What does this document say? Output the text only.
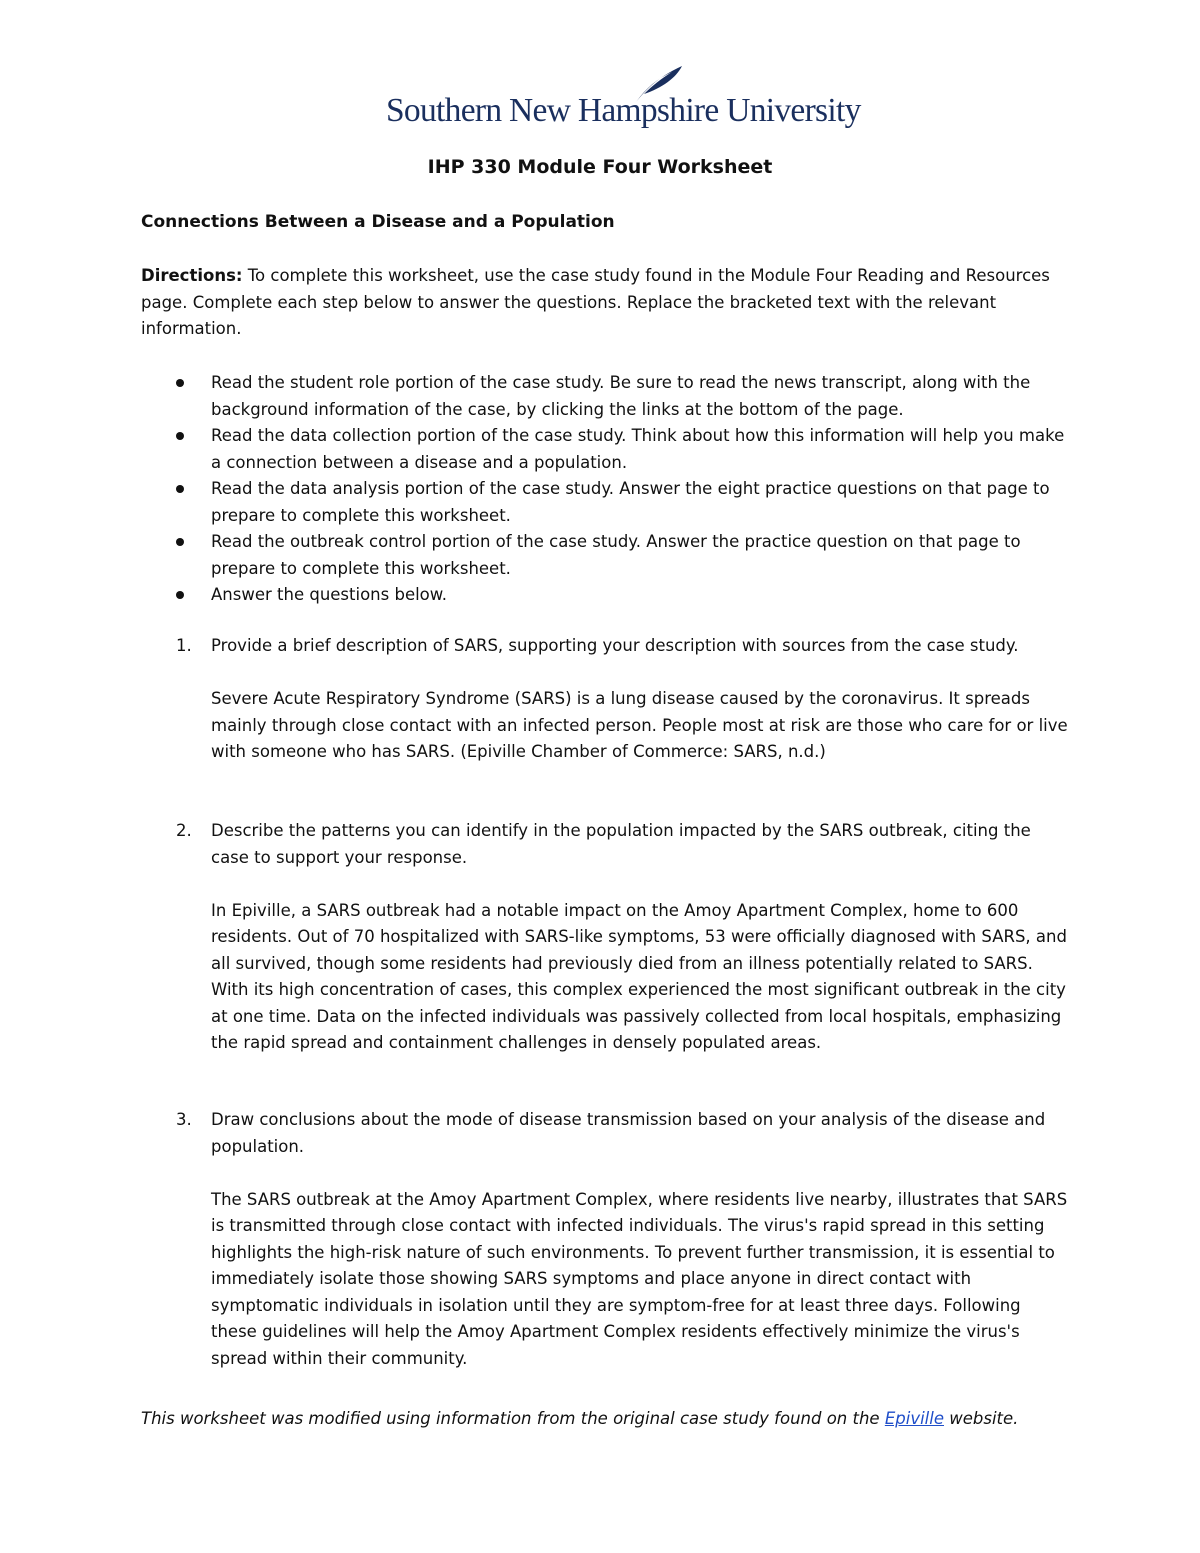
Southern New Hampshire University
IHP 330 Module Four Worksheet
Connections Between a Disease and a Population

Directions: To complete this worksheet, use the case study found in the Module Four Reading and Resources page. Complete each step below to answer the questions. Replace the bracketed text with the relevant information.

Read the student role portion of the case study. Be sure to read the news transcript, along with the background information of the case, by clicking the links at the bottom of the page.
Read the data collection portion of the case study. Think about how this information will help you make a connection between a disease and a population.
Read the data analysis portion of the case study. Answer the eight practice questions on that page to prepare to complete this worksheet.
Read the outbreak control portion of the case study. Answer the practice question on that page to prepare to complete this worksheet.
Answer the questions below.
1. Provide a brief description of SARS, supporting your description with sources from the case study.
Severe Acute Respiratory Syndrome (SARS) is a lung disease caused by the coronavirus. It spreads mainly through close contact with an infected person. People most at risk are those who care for or live with someone who has SARS. (Epiville Chamber of Commerce: SARS, n.d.)
2. Describe the patterns you can identify in the population impacted by the SARS outbreak, citing the case to support your response.
In Epiville, a SARS outbreak had a notable impact on the Amoy Apartment Complex, home to 600 residents. Out of 70 hospitalized with SARS-like symptoms, 53 were officially diagnosed with SARS, and all survived, though some residents had previously died from an illness potentially related to SARS. With its high concentration of cases, this complex experienced the most significant outbreak in the city at one time. Data on the infected individuals was passively collected from local hospitals, emphasizing the rapid spread and containment challenges in densely populated areas.
3. Draw conclusions about the mode of disease transmission based on your analysis of the disease and population.
The SARS outbreak at the Amoy Apartment Complex, where residents live nearby, illustrates that SARS is transmitted through close contact with infected individuals. The virus's rapid spread in this setting highlights the high-risk nature of such environments. To prevent further transmission, it is essential to immediately isolate those showing SARS symptoms and place anyone in direct contact with symptomatic individuals in isolation until they are symptom-free for at least three days. Following these guidelines will help the Amoy Apartment Complex residents effectively minimize the virus's spread within their community.
This worksheet was modified using information from the original case study found on the Epiville website.
